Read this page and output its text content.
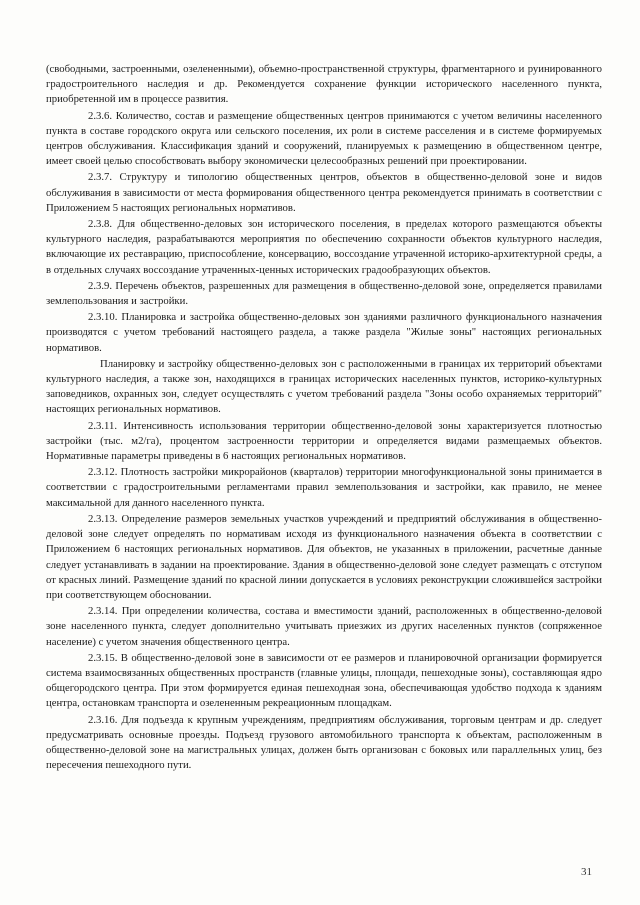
(свободными, застроенными, озелененными), объемно-пространственной структуры, фрагментарного и руинированного градостроительного наследия и др. Рекомендуется сохранение функции исторического населенного пункта, приобретенной им в процессе развития.

2.3.6. Количество, состав и размещение общественных центров принимаются с учетом величины населенного пункта в составе городского округа или сельского поселения, их роли в системе расселения и в системе формируемых центров обслуживания. Классификация зданий и сооружений, планируемых к размещению в общественном центре, имеет своей целью способствовать выбору экономически целесообразных решений при проектировании.

2.3.7. Структуру и типологию общественных центров, объектов в общественно-деловой зоне и видов обслуживания в зависимости от места формирования общественного центра рекомендуется принимать в соответствии с Приложением 5 настоящих региональных нормативов.

2.3.8. Для общественно-деловых зон исторического поселения, в пределах которого размещаются объекты культурного наследия, разрабатываются мероприятия по обеспечению сохранности объектов культурного наследия, включающие их реставрацию, приспособление, консервацию, воссоздание утраченной историко-архитектурной среды, а в отдельных случаях воссоздание утраченных-ценных исторических градообразующих объектов.

2.3.9. Перечень объектов, разрешенных для размещения в общественно-деловой зоне, определяется правилами землепользования и застройки.

2.3.10. Планировка и застройка общественно-деловых зон зданиями различного функционального назначения производятся с учетом требований настоящего раздела, а также раздела "Жилые зоны" настоящих региональных нормативов.

Планировку и застройку общественно-деловых зон с расположенными в границах их территорий объектами культурного наследия, а также зон, находящихся в границах исторических населенных пунктов, историко-культурных заповедников, охранных зон, следует осуществлять с учетом требований раздела "Зоны особо охраняемых территорий" настоящих региональных нормативов.

2.3.11. Интенсивность использования территории общественно-деловой зоны характеризуется плотностью застройки (тыс. м2/га), процентом застроенности территории и определяется видами размещаемых объектов. Нормативные параметры приведены в 6 настоящих региональных нормативов.

2.3.12. Плотность застройки микрорайонов (кварталов) территории многофункциональной зоны принимается в соответствии с градостроительными регламентами правил землепользования и застройки, как правило, не менее максимальной для данного населенного пункта.

2.3.13. Определение размеров земельных участков учреждений и предприятий обслуживания в общественно-деловой зоне следует определять по нормативам исходя из функционального назначения объекта в соответствии с Приложением 6 настоящих региональных нормативов. Для объектов, не указанных в приложении, расчетные данные следует устанавливать в задании на проектирование. Здания в общественно-деловой зоне следует размещать с отступом от красных линий. Размещение зданий по красной линии допускается в условиях реконструкции сложившейся застройки при соответствующем обосновании.

2.3.14. При определении количества, состава и вместимости зданий, расположенных в общественно-деловой зоне населенного пункта, следует дополнительно учитывать приезжих из других населенных пунктов (сопряженное население) с учетом значения общественного центра.

2.3.15. В общественно-деловой зоне в зависимости от ее размеров и планировочной организации формируется система взаимосвязанных общественных пространств (главные улицы, площади, пешеходные зоны), составляющая ядро общегородского центра. При этом формируется единая пешеходная зона, обеспечивающая удобство подхода к зданиям центра, остановкам транспорта и озелененным рекреационным площадкам.

2.3.16. Для подъезда к крупным учреждениям, предприятиям обслуживания, торговым центрам и др. следует предусматривать основные проезды. Подъезд грузового автомобильного транспорта к объектам, расположенным в общественно-деловой зоне на магистральных улицах, должен быть организован с боковых или параллельных улиц, без пересечения пешеходного пути.

31
